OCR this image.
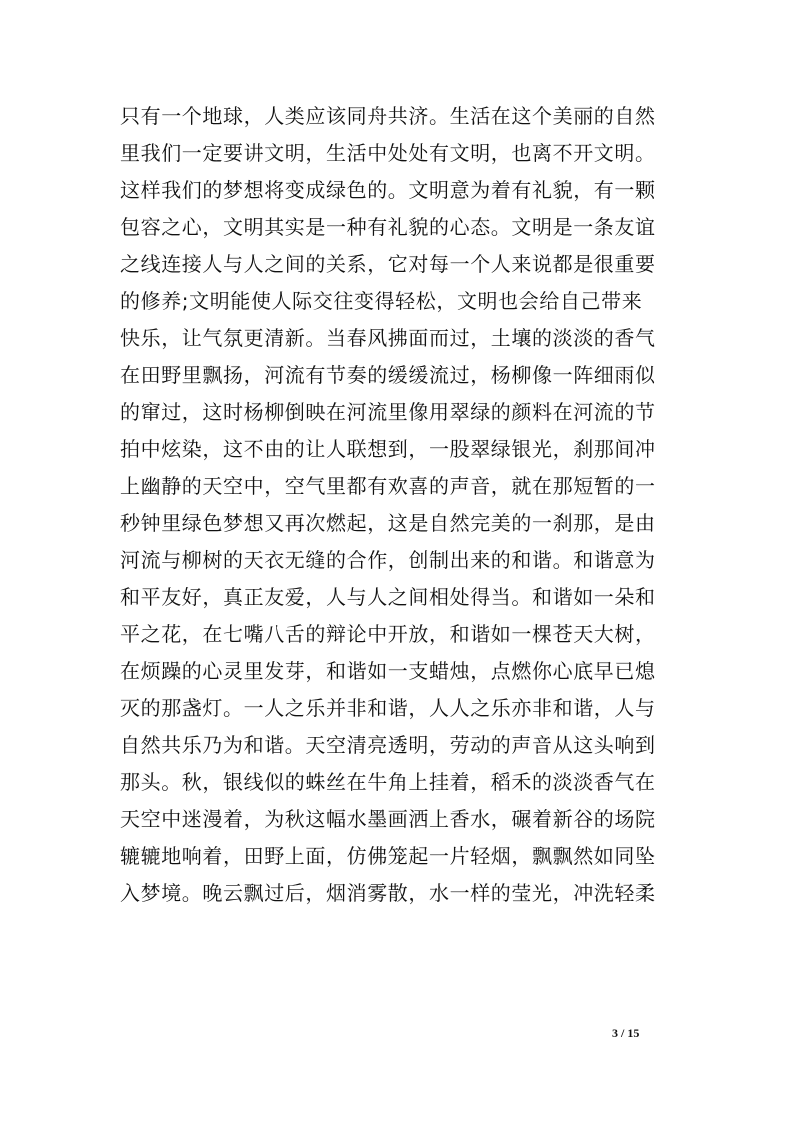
只有一个地球，人类应该同舟共济。生活在这个美丽的自然
里我们一定要讲文明，生活中处处有文明，也离不开文明。
这样我们的梦想将变成绿色的。文明意为着有礼貌，有一颗
包容之心，文明其实是一种有礼貌的心态。文明是一条友谊
之线连接人与人之间的关系，它对每一个人来说都是很重要
的修养;文明能使人际交往变得轻松，文明也会给自己带来
快乐，让气氛更清新。当春风拂面而过，土壤的淡淡的香气
在田野里飘扬，河流有节奏的缓缓流过，杨柳像一阵细雨似
的窜过，这时杨柳倒映在河流里像用翠绿的颜料在河流的节
拍中炫染，这不由的让人联想到，一股翠绿银光，刹那间冲
上幽静的天空中，空气里都有欢喜的声音，就在那短暂的一
秒钟里绿色梦想又再次燃起，这是自然完美的一刹那，是由
河流与柳树的天衣无缝的合作，创制出来的和谐。和谐意为
和平友好，真正友爱，人与人之间相处得当。和谐如一朵和
平之花，在七嘴八舌的辩论中开放，和谐如一棵苍天大树，
在烦躁的心灵里发芽，和谐如一支蜡烛，点燃你心底早已熄
灭的那盏灯。一人之乐并非和谐，人人之乐亦非和谐，人与
自然共乐乃为和谐。天空清亮透明，劳动的声音从这头响到
那头。秋，银线似的蛛丝在牛角上挂着，稻禾的淡淡香气在
天空中迷漫着，为秋这幅水墨画洒上香水，碾着新谷的场院
辘辘地响着，田野上面，仿佛笼起一片轻烟，飘飘然如同坠
入梦境。晚云飘过后，烟消雾散，水一样的莹光，冲洗轻柔
3 / 15
